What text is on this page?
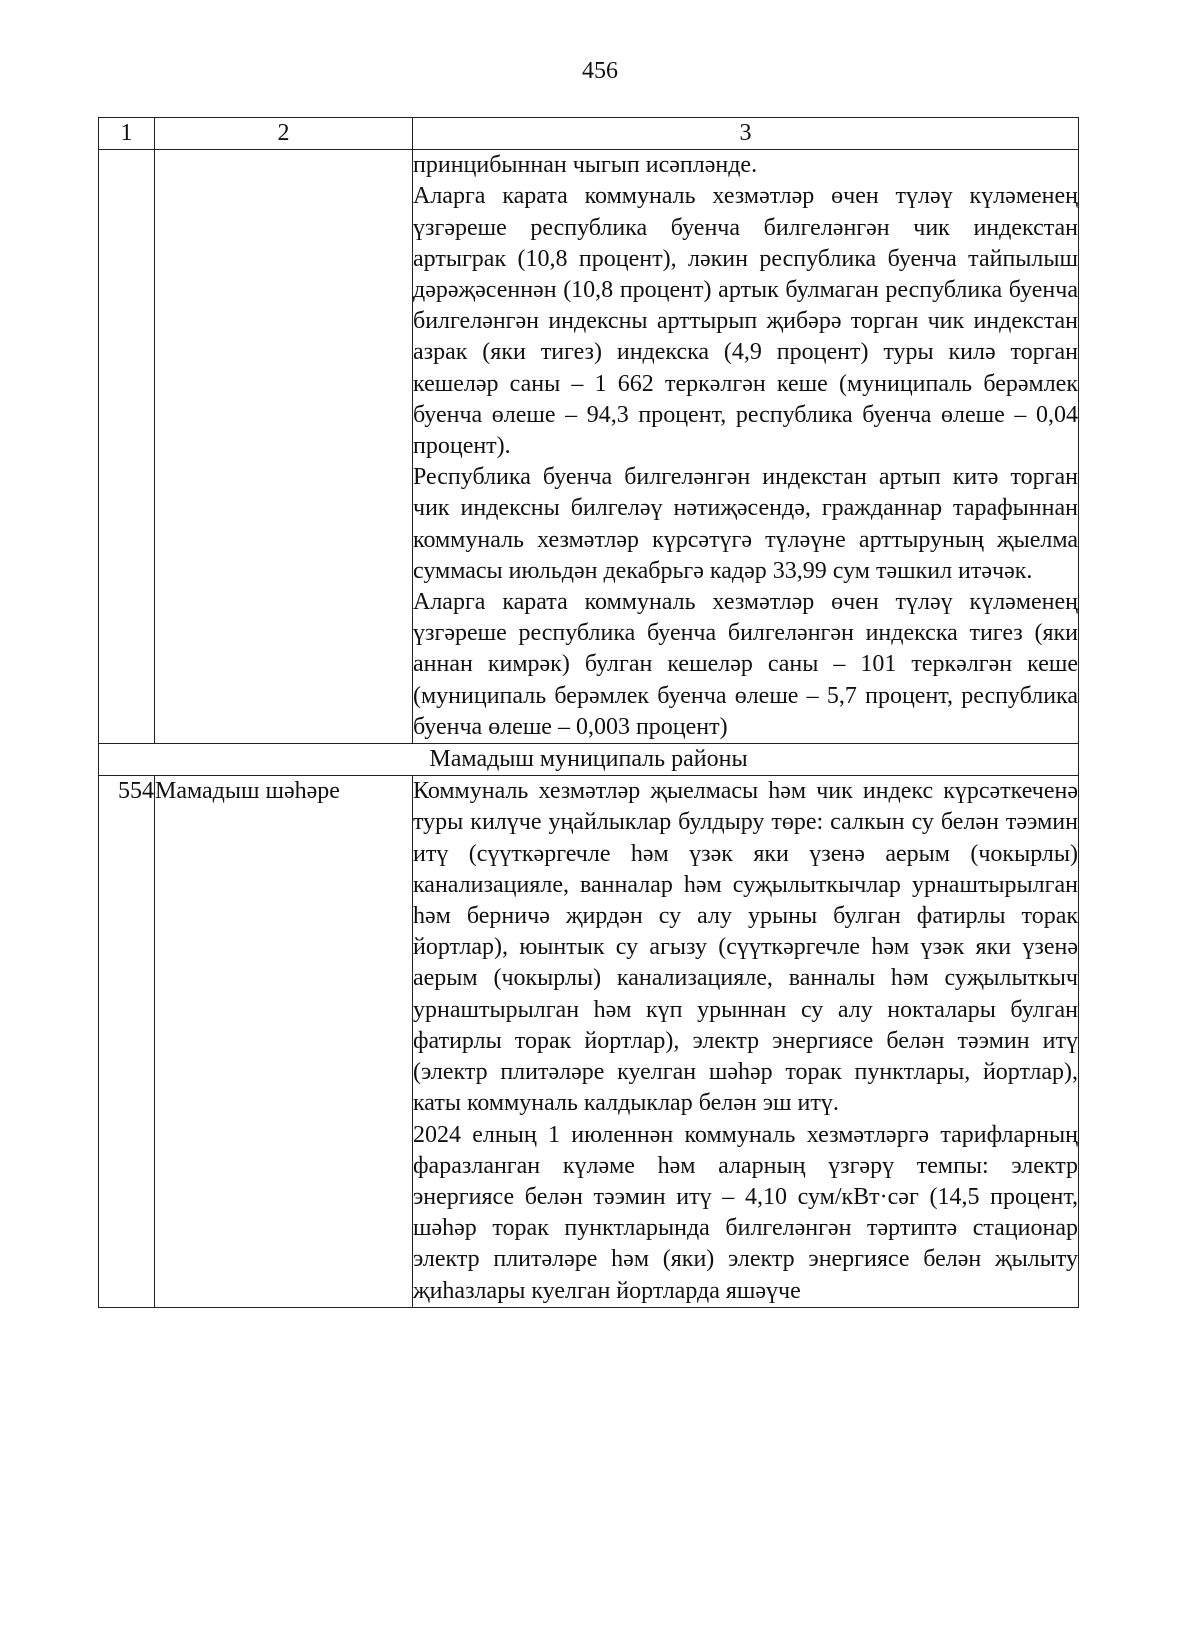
456
1	2	3

		принцибыннан чыгып исәпләнде.
Аларга карата коммуналь хезмәтләр өчен түләү күләменең үзгәреше республика буенча билгеләнгән чик индекстан артыграк (10,8 процент), ләкин республика буенча тайпылыш дәрәҗәсеннән (10,8 процент) артык булмаган республика буенча билгеләнгән индексны арттырып җибәрә торган чик индекстан азрак (яки тигез) индекска (4,9 процент) туры килә торган кешеләр саны – 1 662 теркәлгән кеше (муниципаль берәмлек буенча өлеше – 94,3 процент, республика буенча өлеше – 0,04 процент).
Республика буенча билгеләнгән индекстан артып китә торган чик индексны билгеләү нәтиҗәсендә, гражданнар тарафыннан коммуналь хезмәтләр күрсәтүгә түләүне арттыруның җыелма суммасы июльдән декабрьгә кадәр 33,99 сум тәшкил итәчәк.
Аларга карата коммуналь хезмәтләр өчен түләү күләменең үзгәреше республика буенча билгеләнгән индекска тигез (яки аннан кимрәк) булган кешеләр саны – 101 теркәлгән кеше (муниципаль берәмлек буенча өлеше – 5,7 процент, республика буенча өлеше – 0,003 процент)

Мамадыш муниципаль районы		
554	Мамадыш шәһәре	Коммуналь хезмәтләр җыелмасы һәм чик индекс күрсәткеченә туры килүче уңайлыклар булдыру төре: салкын су белән тәэмин итү (сүүткәргечле һәм үзәк яки үзенә аерым (чокырлы) канализацияле, ванналар һәм суҗылыткычлар урнаштырылган һәм берничә җирдән су алу урыны булган фатирлы торак йортлар), юынтык су агызу (сүүткәргечле һәм үзәк яки үзенә аерым (чокырлы) канализацияле, ванналы һәм суҗылыткыч урнаштырылган һәм күп урыннан су алу нокталары булган фатирлы торак йортлар), электр энергиясе белән тәэмин итү (электр плитәләре куелган шәһәр торак пунктлары, йортлар), каты коммуналь калдыклар белән эш итү.
2024 елның 1 июленнән коммуналь хезмәтләргә тарифларның фаразланган күләме һәм аларның үзгәрү темпы: электр энергиясе белән тәэмин итү – 4,10 сум/кВт·сәг (14,5 процент, шәһәр торак пунктларында билгеләнгән тәртиптә стационар электр плитәләре һәм (яки) электр энергиясе белән җылыту җиһазлары куелган йортларда яшәүче
